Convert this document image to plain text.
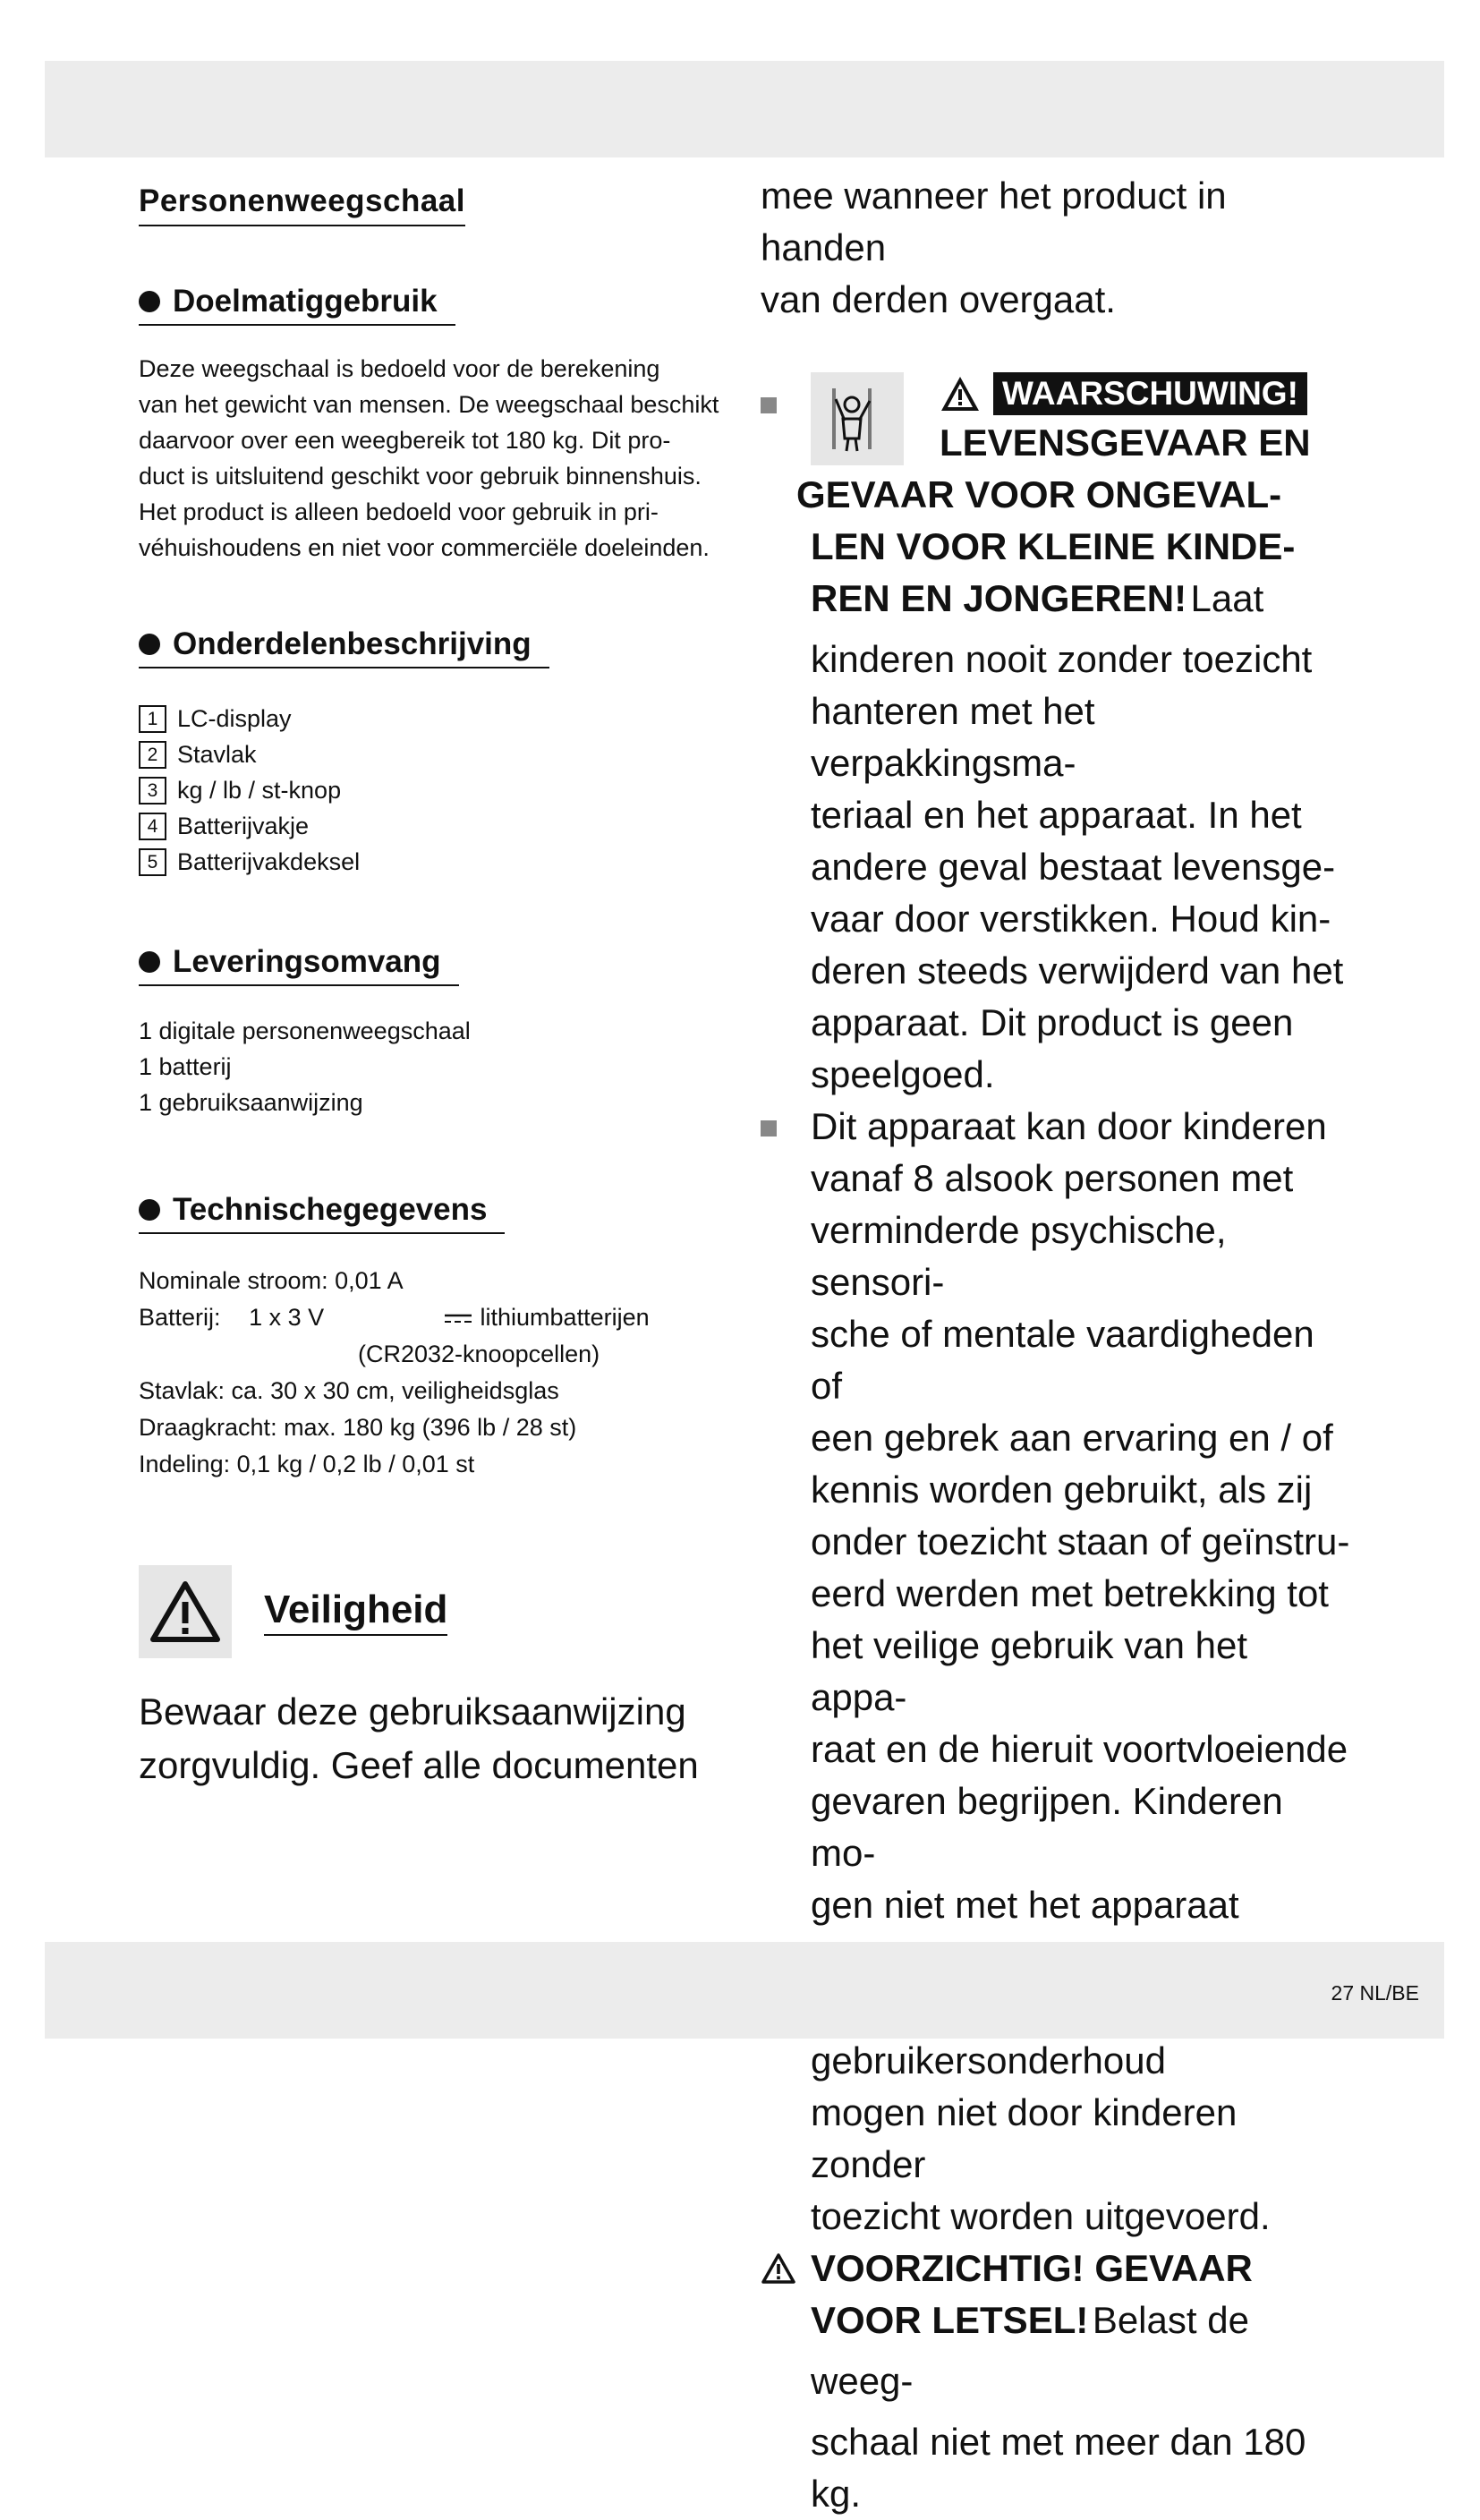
Personenweegschaal
Doelmatiggebruik
Deze weegschaal is bedoeld voor de berekening
van het gewicht van mensen. De weegschaal beschikt
daarvoor over een weegbereik tot 180 kg. Dit pro-
duct is uitsluitend geschikt voor gebruik binnenshuis.
Het product is alleen bedoeld voor gebruik in pri-
véhuishoudens en niet voor commerciële doeleinden.
Onderdelenbeschrijving
1 LC-display
2 Stavlak
3 kg / lb / st-knop
4 Batterijvakje
5 Batterijvakdeksel
Leveringsomvang
1 digitale personenweegschaal
1 batterij
1 gebruiksaanwijzing
Technischegegevens
Nominale stroom: 0,01 A
Batterij: 1 x 3 V	lithiumbatterijen
(CR2032-knoopcellen)
Stavlak: ca. 30 x 30 cm, veiligheidsglas
Draagkracht: max. 180 kg (396 lb / 28 st)
Indeling: 0,1 kg / 0,2 lb / 0,01 st
Veiligheid
Bewaar deze gebruiksaanwijzing
zorgvuldig. Geef alle documenten
mee wanneer het product in handen
van derden overgaat.
WAARSCHUWING!
LEVENSGEVAAR EN
GEVAAR VOOR ONGEVAL-
LEN VOOR KLEINE KINDE-
REN EN JONGEREN! Laat
kinderen nooit zonder toezicht
hanteren met het verpakkingsma-
teriaal en het apparaat. In het
andere geval bestaat levensge-
vaar door verstikken. Houd kin-
deren steeds verwijderd van het
apparaat. Dit product is geen
speelgoed.
Dit apparaat kan door kinderen
vanaf 8 alsook personen met
verminderde psychische, sensori-
sche of mentale vaardigheden of
een gebrek aan ervaring en / of
kennis worden gebruikt, als zij
onder toezicht staan of geïnstru-
eerd werden met betrekking tot
het veilige gebruik van het appa-
raat en de hieruit voortvloeiende
gevaren begrijpen. Kinderen mo-
gen niet met het apparaat
gebruikersonderhoud
mogen niet door kinderen zonder
toezicht worden uitgevoerd.
VOORZICHTIG! GEVAAR
VOOR LETSEL! Belast de weeg-
schaal niet met meer dan 180 kg.
27 NL/BE
